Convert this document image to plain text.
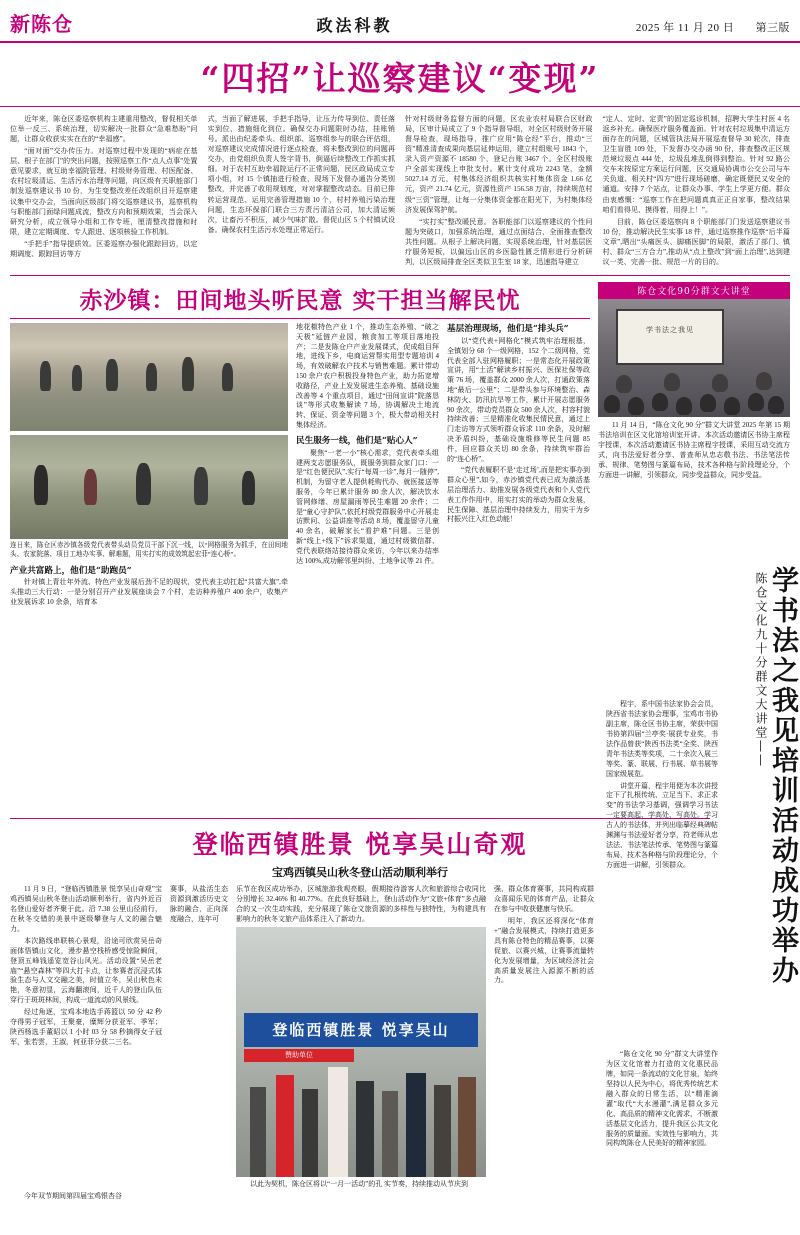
新陈仓	政法科教	2025 年 11 月 20 日 第三版
“四招”让巡察建议“变现”

近年来，陈仓区委巡察机构主建重用整改，督促相关单位举一反三、系统治理，切实解决一批群众“急难愁盼”问题，让群众收获实实在在的“幸福感”。

“面对面”交办传压力。对巡察过程中发现的“病症在基层、根子在部门”的突出问题，按照巡察工作“点人点事”处置意见要求，就互助幸福院管理、村级财务管理、村医配备、农村垃圾清运、生活污水治理等问题，向区级有关职能部门制发巡察建议书 10 份，为生变整改差任改组织目开巡察建议集中交办会，当面向区级部门将交巡察建议书，巡察机构与职能部门面绿问题成流，整改方向和预期效果，当会深入研究分析，成立领导小组和工作专班，厘清整改措施和时限，建立定期调度、专人跟进、逐项核验工作机制。

“手把手”指导提质效。区委巡察办强化跟踪回访，以定期调度、跟踪回访等方

式，当面了解进展，手把手指导，让压力传导到位、责任落实到位、措施细化到位。确保交办问题限时办结，挂账销号。派出由纪委牵头、组织部、巡察组参与的联合评估组，对巡察建议完成情况进行逐点检查，将未整改到位的问题再交办，由党组织负责人签字背书，倒逼后续整改工作抓实抓细。对于农村互助幸福院运行不正常问题，民区政局成立专项小组，对 15 个镇抽进行检查，现场下发督办通告分类别整改，并完善了收用规划度，对对掌握整改动态。目前已排转运营现范、运用完善管理措施 10 个，村村养殖污染治理问题，生态环保部门联合三方责污清洁公司，加大清运频次，让畜污不积压，减少气味扩散。督促山区 5 个村镇试设备。确保农村生活污水处理正常运行。

针对村级财务监督方面的问题，区农业农村局联合区财政局，区审计局成立了 9 个指导督导组，对全区村级财务开展督导检查，现场指导，推广应用“陈仓经”平台，推动“三资”精准清查成果向基层延伸运用，建立村组账号 1843 个，录入资产资源不 18580 个，登记台账 3467 个。全区村级账户全部实现线上申批支付。累计支付成功 2243 笔，金额 5027.14 万元，村集体经济组织共核实村集体资金 1.66 亿元，资产 21.74 亿元，资源性资产 156.58 万亩，持续规范村级“三资”管理，让每一分集体资金都在阳光下，为村集体经济发展保驾护航。

“实打实”整改暖民意。各职能部门以巡察建议的个性问题为突破口，加强系统治理，通过点面结合，全面推查整改共性问题。从根子上解决问题，实现系统治理，针对基层医疗服务短板，以偏远山区的乡医隐性匮乏情形进行分析研判，以区级局排查全区类似卫生室 18 家，迅速指导建立

“定人、定时、定责”的固定巡诊机制，招聘大学生村医 4 名返乡补充。确保医疗服务覆盖面。针对农村垃圾集中清运方面存在的问题，区城管执法局开展巡查督导 30 轮次，排查卫生盲胜 109 处，下发督办交办函 90 份，排查整改正区规范境垃圾点 444 处，垃圾乱堆乱倒得到整治。针对 92 路公交车末按原定方案运行问题，区交通局协调市公交公司与车关负道、相关村“四方”进行现场磋磨，确定既便民又安全的通道。安排 7 个站点，让群众办事、学生上学更方便。群众由衷感慨：“巡察工作在把问题真真正正自家事，整改结果咱们看得见、摸得着，用得上！”。

目前，陈仓区委巡察向 8 个职能部门门发送巡察建议书 10 份，推动解决民生实事 18 件，通过巡察推作巡察“后半篇文章”,晒出“头痛医头、脚痛医脚”的局限，激活了部门、镇村、群众“三方合力”,推动从“点上整改”到“面上治理”,达到建议一类、完善一批、规范一片的目的。

赤沙镇：田间地头听民意 实干担当解民忧
连日来，陈仓区赤沙镇各级党代表带头动员党员干部下沉一线，以“网格服务为抓手，在田间地头、农家院落、项目工地办实事、解难题，用实打实的成效筑起宏菲“连心桥”。
产业共富路上，他们是“助跑员”

针对镇上青壮年外流、特色产业发展后劲不足的现状，党代表主动扛起“共富大旗”,牵头推动三大行动：一是分别召开产业发展座谈会 7 个村，走访种养殖户 400 余户，收集产业发展诉求 10 余条，培育本

地花椒特色产业 1 个，推动生态养殖、“破之天极”延链产业园，粮食加工等项目落地投产；二是发陈仓户产业发展课式，促成组目拜地，进线下乡，电商运营帮实用型专题培训 4 场，有效破解农户技术与销售难题。累计带动 150 余户农户积极投身特色产业，助力拓宽增收路径，产业上发发展进生态养殖、基础设施改善等 4 个重点项目，通过“田间宣讲”院落恳谈”等形式收集解读 7 场，协调解决土地流转、保证、资金等问题 3 个，极大带动相关村集体经济。

民生服务一线，他们是“贴心人”

聚焦“一老一小”核心需求，党代表牵头组建两支志愿服务队，既服务到群众家门口：一是“红色便民队”,实行“每周一诊”,每月一随停”,机制，为留守老人提供耗购代办、就医接送等服务，今年已累计服务 80 余人次，解决饮水管网修缮、房屋漏雨等民生难题 20 余件；二是“童心守护队”,依托村级党群服务中心开展走访默问、公益讲座等活动 8 场，覆盖留守儿童 40 余名，破解家长“看护难”问题。三是创新“线上+线下”诉求渠道，通过村级微信群、党代表联络站接待群众来访，今年以来办结率达 100%,成功解邻里纠纷、土地争议等 21 件。

基层治理现场，他们是“排头兵”

以“党代表+网格化”模式筑牢治理根基，全镇划分 68 个一级网格，152 个二级网格，党代表全部入驻网格履职；一是常态化开展政策宣讲，用“土活”解读乡村振兴、医保社保等政策 76 场，覆盖群众 2000 余人次，打通政策落地“最后一公里”；二是带头参与环境整治、森林防火、防汛抗旱等工作，累计开展志愿服务 90 余次，带动党员群众 500 余人次，村容村貌持续改善；三是精准化收集民情民意，通过上门走访等方式领听群众诉求 110 余条，及时解决矛盾纠纷，基础设施维修等民生问题 85 件，回应群众关切 80 余条，持续筑牢群治的“连心桥”。

“党代表履职不是‘走过场’,而是把实事办到群众心里”,如今，赤沙镇党代表已成为激活基层治理活力、助推发展各级党代表和个人党代表工作作用中，用实打实的举动为群众发展，民生保障、基层治理中持续发力，用实干为乡村振兴注入红色动能！

陈仓文化90分群文大讲堂
学书法之我见

11 月 14 日，“陈仓文化 90 分”群文大讲堂 2025 年第 15 期书法培训在区文化馆培训室开讲。本次活动邀请区书协主席程宇授课，本次活动邀请区书协主席程宇授课，采用互动交流方式，向书法爱好者分享、普查师从忠志敬书法、书法笔法传承、规律、笔势图与篆篇布局，技术各种格与阶段理论分，个方面进一讲解，引领群众，同步受益群众，同步受益。

程宇，系中国书法家协会会员，陕西省书法家协会理事，宝鸡市书协副主席，陈仓区书协主席，荣获中国书协第四届“兰亭奖·展获专业奖，书法作品曾获“陕西书法类“全奖、陕西青年书法类等奖项，二十余次入展三等奖、篆、联展、行书展、草书展等国家级展览。

讲堂开篇，程宇用便为本次讲授定下了扎根传统、立足当下、求正求变”的书法学习基调，强调学习书法一定要高起、学高处、写高处。学习古人的书法体，并列出临摹经典碑帖渊渊与书法爱好者分享，符老师从忠法法、书法笔法传承、笔势图与篆篇布局，技术各种格与阶段理论分，个方面进一讲解，引领群众。

“陈仓文化 90 分”群文大讲堂作为区文化馆着力打造的文化惠民品牌，如同一条流动的文化甘泉，始终坚持以人民为中心，将优秀传统艺术融入群众的日常生活，以“精准滴灌”取代“大水漫灌”,满足群众多元化、高品质的精神文化需求，不断激活基层文化活力，提升我区公共文化服务的质量面。实效性与影响力，共同构筑陈仓人民美好的精神家园。

学书法之我见培训活动成功举办
陈仓文化九十分群文大讲堂——
登临西镇胜景 悦享吴山奇观
宝鸡西镇吴山秋冬登山活动顺利举行

11 月 9 日，“登临西镇胜景 悦享吴山奇观”宝鸡西镇吴山秋冬登山活动顺利举行，省内外近百名登山爱好者齐聚于此。沿 7.38 公里山径前行，在秋冬交错的美景中逐级攀登与人文的融合魅力。

本次路线串联核心景观，沿途可欣赏吴岳奇面体悟镇山文化，漫步悬空栈桥感受惊险瞬间，登顶五峰钱遥览宽谷山风光。活动设置“吴岳老庙”“悬空森林”等四大打卡点，让参赛者沉浸式体验生态与人文交融之美，时值立冬，吴山秋色未艳，冬意初显，云海翻滚间，近千人的登山队伍穿行于斑斑林间，构成一道流动的风景线。

经过角逐，宝鸡本地选手蒋篮以 50 分 42 秒夺得男子冠军，王聚豪，糜辉分获亚军、季军；陕西杨选手董昭以 1 小时 03 分 58 秒摘得女子冠军，张若雲，王淑，何亚菲分获二三名。

赛事，从盐活生态资源到激活历史文脉的融合，正向深度融合，连年可

乐节在我区成功举办，区城旅游我观亮眼，假期接待游客人次和旅游综合收同比分别增长 32.46% 和 40.77%。在此良好基础上，登山活动作为“文旅+体育”多点融合的又一次生动实践，充分展现了陈仓文旅资源的多样性与独特性，为构建具有影响力的秋冬文旅产品体系注入了新动力。

登临西镇胜景 悦享吴山
赞助单位

以此为契机，陈仓区将以“一月一活动”的孔 实节奏，持续推动从节庆到

强、群众体育赛事，共同构成群众喜闻乐见的体育产品，让群众在参与中收获健康与快乐。

明年，我区还将深化“体育+”融合发展模式，持续打造更多具有陈仓特色的精品赛事，以赛促旅、以赛兴城，让赛事流量转化为发展增量，为区域经济社会高质量发展注入源源不断的活力。

今年双节期间第四届宝鸡银杏谷
